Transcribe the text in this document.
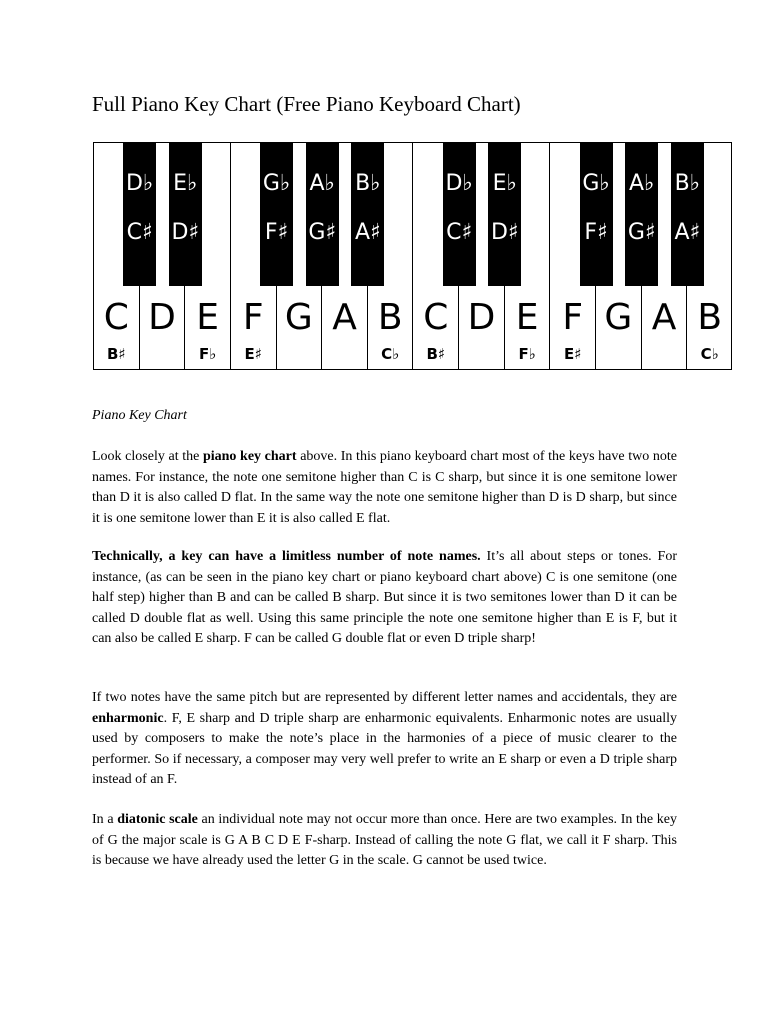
Full Piano Key Chart (Free Piano Keyboard Chart)
C
B♯
D E
F♭
F
E♯
G A B
C♭
C
B♯
D E
F♭
F
E♯
G A B
C♭
D♭
C♯
E♭
D♯
G♭
F♯
A♭
G♯
B♭
A♯
D♭
C♯
E♭
D♯
G♭
F♯
A♭
G♯
B♭
A♯

Piano Key Chart

Look closely at the piano key chart above. In this piano keyboard chart most of the keys have two note names. For instance, the note one semitone higher than C is C sharp, but since it is one semitone lower than D it is also called D flat. In the same way the note one semitone higher than D is D sharp, but since it is one semitone lower than E it is also called E flat.

Technically, a key can have a limitless number of note names. It’s all about steps or tones. For instance, (as can be seen in the piano key chart or piano keyboard chart above) C is one semitone (one half step) higher than B and can be called B sharp. But since it is two semitones lower than D it can be called D double flat as well. Using this same principle the note one semitone higher than E is F, but it can also be called E sharp. F can be called G double flat or even D triple sharp!

If two notes have the same pitch but are represented by different letter names and accidentals, they are enharmonic. F, E sharp and D triple sharp are enharmonic equivalents. Enharmonic notes are usually used by composers to make the note’s place in the harmonies of a piece of music clearer to the performer. So if necessary, a composer may very well prefer to write an E sharp or even a D triple sharp instead of an F.

In a diatonic scale an individual note may not occur more than once. Here are two examples. In the key of G the major scale is G A B C D E F-sharp. Instead of calling the note G flat, we call it F sharp. This is because we have already used the letter G in the scale. G cannot be used twice.
